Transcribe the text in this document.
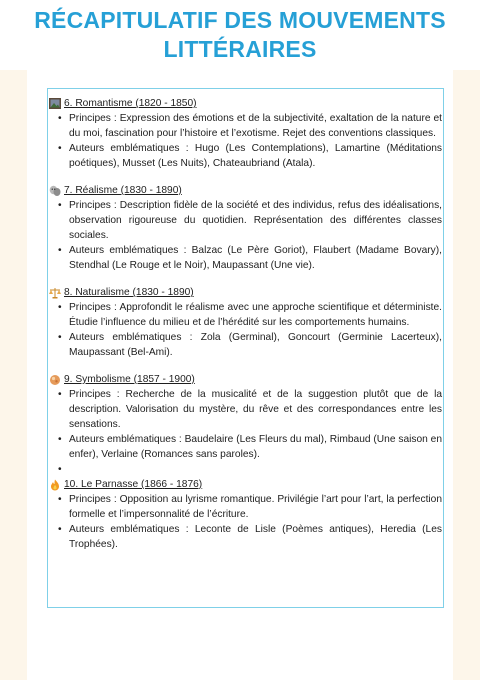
RÉCAPITULATIF DES MOUVEMENTS
LITTÉRAIRES
6. Romantisme (1820 - 1850)
• Principes : Expression des émotions et de la subjectivité, exaltation de la nature et du moi, fascination pour l’histoire et l’exotisme. Rejet des conventions classiques.
• Auteurs emblématiques : Hugo (Les Contemplations), Lamartine (Méditations poétiques), Musset (Les Nuits), Chateaubriand (Atala).
7. Réalisme (1830 - 1890)
• Principes : Description fidèle de la société et des individus, refus des idéalisations, observation rigoureuse du quotidien. Représentation des différentes classes sociales.
• Auteurs emblématiques : Balzac (Le Père Goriot), Flaubert (Madame Bovary), Stendhal (Le Rouge et le Noir), Maupassant (Une vie).
8. Naturalisme (1830 - 1890)
• Principes : Approfondit le réalisme avec une approche scientifique et déterministe. Étudie l’influence du milieu et de l’hérédité sur les comportements humains.
• Auteurs emblématiques : Zola (Germinal), Goncourt (Germinie Lacerteux), Maupassant (Bel-Ami).
9. Symbolisme (1857 - 1900)
• Principes : Recherche de la musicalité et de la suggestion plutôt que de la description. Valorisation du mystère, du rêve et des correspondances entre les sensations.
• Auteurs emblématiques : Baudelaire (Les Fleurs du mal), Rimbaud (Une saison en enfer), Verlaine (Romances sans paroles).
•
10. Le Parnasse (1866 - 1876)
• Principes : Opposition au lyrisme romantique. Privilégie l’art pour l’art, la perfection formelle et l’impersonnalité de l’écriture.
• Auteurs emblématiques : Leconte de Lisle (Poèmes antiques), Heredia (Les Trophées).
